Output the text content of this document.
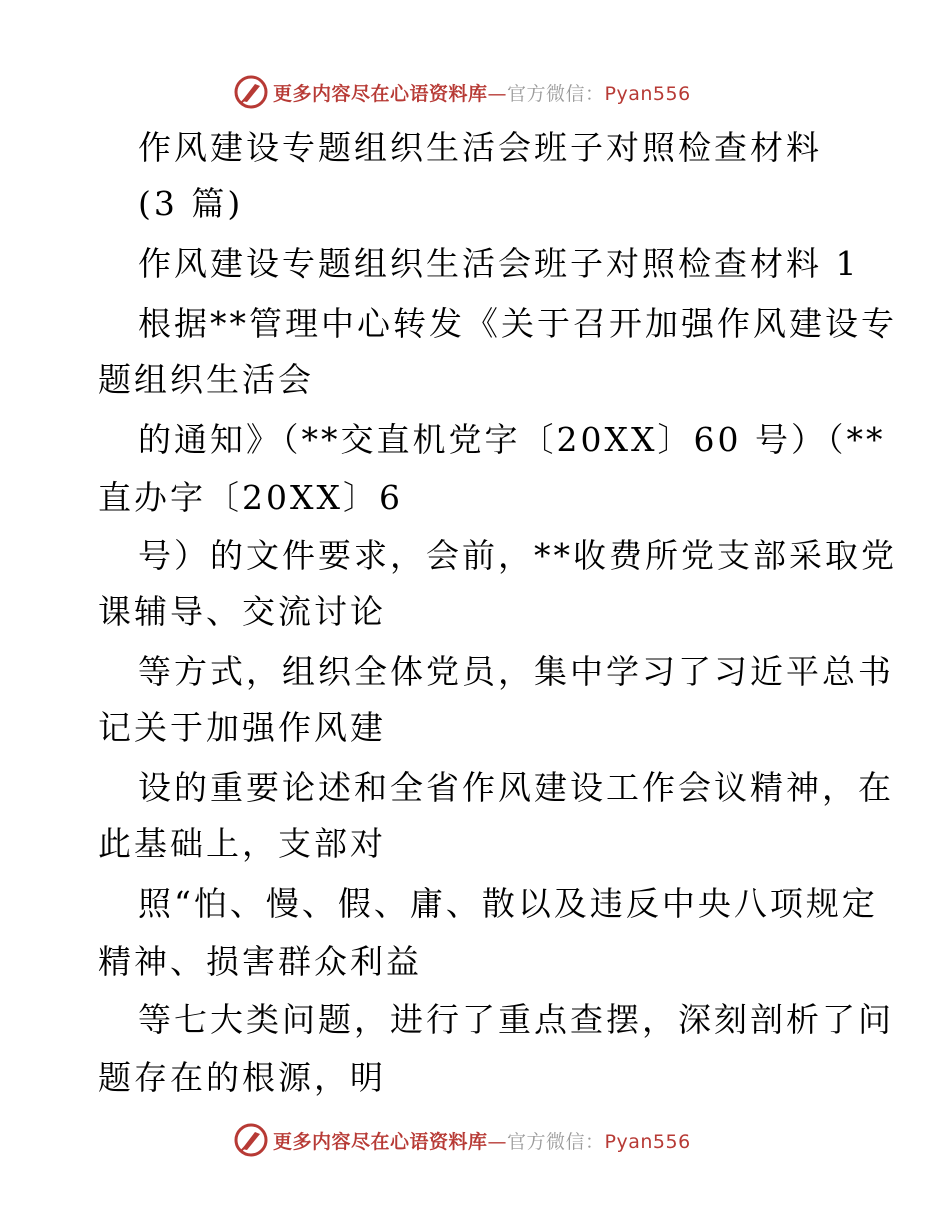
更多内容尽在心语资料库—官方微信：Pyan556
作风建设专题组织生活会班子对照检查材料
(3 篇)
作风建设专题组织生活会班子对照检查材料 1
根据**管理中心转发《关于召开加强作风建设专
题组织生活会
的通知》（**交直机党字〔20XX〕60 号）（**
直办字〔20XX〕6
号）的文件要求，会前，**收费所党支部采取党
课辅导、交流讨论
等方式，组织全体党员，集中学习了习近平总书
记关于加强作风建
设的重要论述和全省作风建设工作会议精神，在
此基础上，支部对
照“怕、慢、假、庸、散以及违反中央八项规定
精神、损害群众利益
等七大类问题，进行了重点查摆，深刻剖析了问
题存在的根源，明
更多内容尽在心语资料库—官方微信：Pyan556
